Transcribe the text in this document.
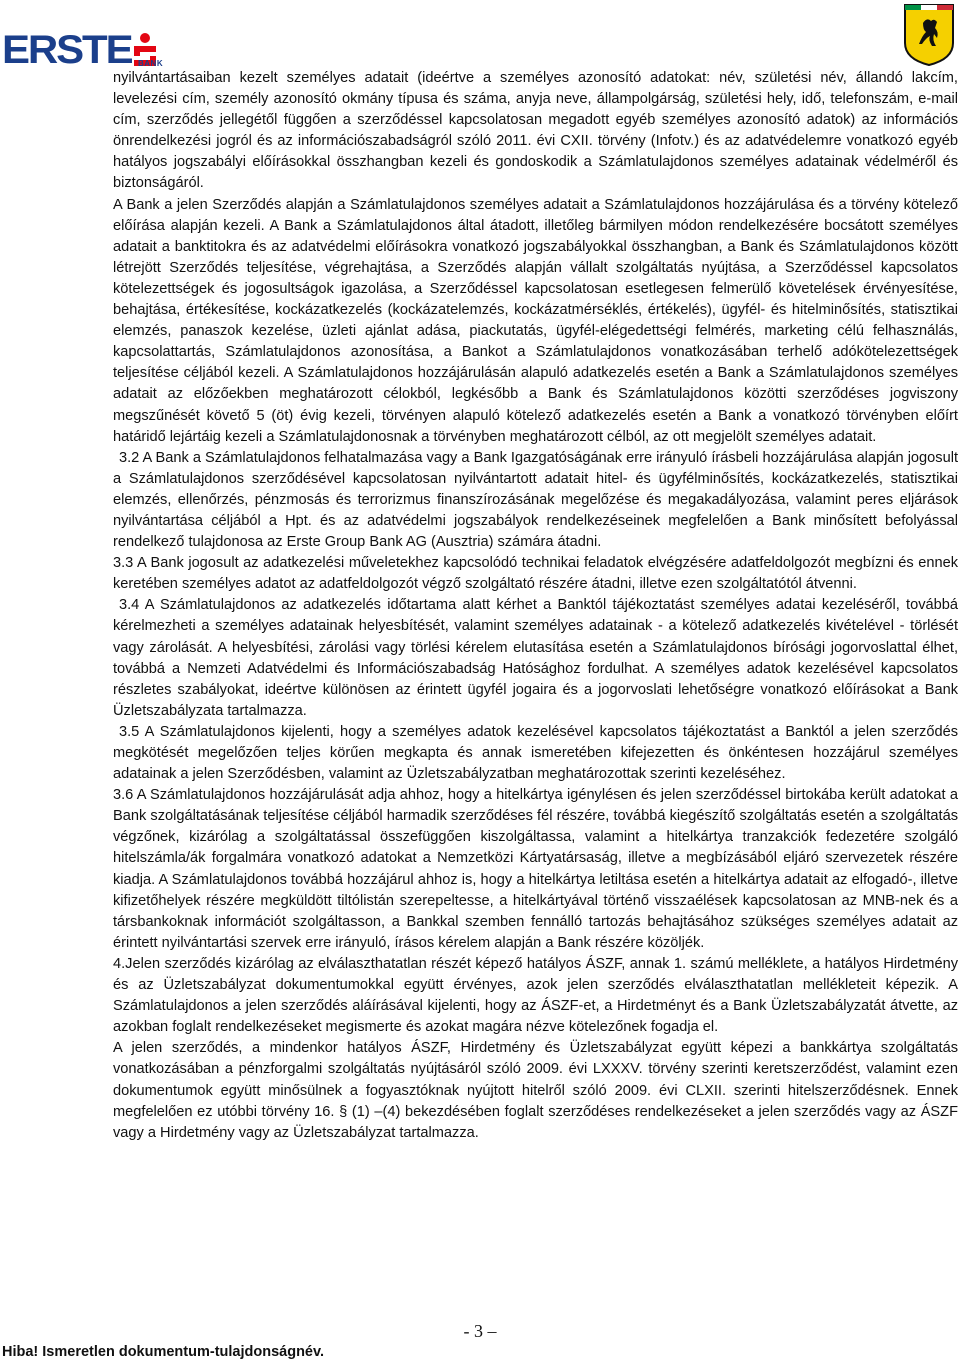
ERSTE BANK

nyilvántartásaiban kezelt személyes adatait (ideértve a személyes azonosító adatokat: név, születési név, állandó lakcím, levelezési cím, személy azonosító okmány típusa és száma, anyja neve, állampolgárság, születési hely, idő, telefonszám, e-mail cím, szerződés jellegétől függően a szerződéssel kapcsolatosan megadott egyéb személyes azonosító adatok) az információs önrendelkezési jogról és az információszabadságról szóló 2011. évi CXII. törvény (Infotv.) és az adatvédelemre vonatkozó egyéb hatályos jogszabályi előírásokkal összhangban kezeli és gondoskodik a Számlatulajdonos személyes adatainak védelméről és biztonságáról.

A Bank a jelen Szerződés alapján a Számlatulajdonos személyes adatait a Számlatulajdonos hozzájárulása és a törvény kötelező előírása alapján kezeli. A Bank a Számlatulajdonos által átadott, illetőleg bármilyen módon rendelkezésére bocsátott személyes adatait a banktitokra és az adatvédelmi előírásokra vonatkozó jogszabályokkal összhangban, a Bank és Számlatulajdonos között létrejött Szerződés teljesítése, végrehajtása, a Szerződés alapján vállalt szolgáltatás nyújtása, a Szerződéssel kapcsolatos kötelezettségek és jogosultságok igazolása, a Szerződéssel kapcsolatosan esetlegesen felmerülő követelések érvényesítése, behajtása, értékesítése, kockázatkezelés (kockázatelemzés, kockázatmérséklés, értékelés), ügyfél- és hitelminősítés, statisztikai elemzés, panaszok kezelése, üzleti ajánlat adása, piackutatás, ügyfél-elégedettségi felmérés, marketing célú felhasználás, kapcsolattartás, Számlatulajdonos azonosítása, a Bankot a Számlatulajdonos vonatkozásában terhelő adókötelezettségek teljesítése céljából kezeli. A Számlatulajdonos hozzájárulásán alapuló adatkezelés esetén a Bank a Számlatulajdonos személyes adatait az előzőekben meghatározott célokból, legkésőbb a Bank és Számlatulajdonos közötti szerződéses jogviszony megszűnését követő 5 (öt) évig kezeli, törvényen alapuló kötelező adatkezelés esetén a Bank a vonatkozó törvényben előírt határidő lejártáig kezeli a Számlatulajdonosnak a törvényben meghatározott célból, az ott megjelölt személyes adatait.

3.2 A Bank a Számlatulajdonos felhatalmazása vagy a Bank Igazgatóságának erre irányuló írásbeli hozzájárulása alapján jogosult a Számlatulajdonos szerződésével kapcsolatosan nyilvántartott adatait hitel- és ügyfélminősítés, kockázatkezelés, statisztikai elemzés, ellenőrzés, pénzmosás és terrorizmus finanszírozásának megelőzése és megakadályozása, valamint peres eljárások nyilvántartása céljából a Hpt. és az adatvédelmi jogszabályok rendelkezéseinek megfelelően a Bank minősített befolyással rendelkező tulajdonosa az Erste Group Bank AG (Ausztria) számára átadni.

3.3 A Bank jogosult az adatkezelési műveletekhez kapcsolódó technikai feladatok elvégzésére adatfeldolgozót megbízni és ennek keretében személyes adatot az adatfeldolgozót végző szolgáltató részére átadni, illetve ezen szolgáltatótól átvenni.

3.4 A Számlatulajdonos az adatkezelés időtartama alatt kérhet a Banktól tájékoztatást személyes adatai kezeléséről, továbbá kérelmezheti a személyes adatainak helyesbítését, valamint személyes adatainak - a kötelező adatkezelés kivételével - törlését vagy zárolását. A helyesbítési, zárolási vagy törlési kérelem elutasítása esetén a Számlatulajdonos bírósági jogorvoslattal élhet, továbbá a Nemzeti Adatvédelmi és Információszabadság Hatósághoz fordulhat. A személyes adatok kezelésével kapcsolatos részletes szabályokat, ideértve különösen az érintett ügyfél jogaira és a jogorvoslati lehetőségre vonatkozó előírásokat a Bank Üzletszabályzata tartalmazza.

3.5 A Számlatulajdonos kijelenti, hogy a személyes adatok kezelésével kapcsolatos tájékoztatást a Banktól a jelen szerződés megkötését megelőzően teljes körűen megkapta és annak ismeretében kifejezetten és önkéntesen hozzájárul személyes adatainak a jelen Szerződésben, valamint az Üzletszabályzatban meghatározottak szerinti kezeléséhez.

3.6 A Számlatulajdonos hozzájárulását adja ahhoz, hogy a hitelkártya igénylésen és jelen szerződéssel birtokába került adatokat a Bank szolgáltatásának teljesítése céljából harmadik szerződéses fél részére, továbbá kiegészítő szolgáltatás esetén a szolgáltatás végzőnek, kizárólag a szolgáltatással összefüggően kiszolgáltassa, valamint a hitelkártya tranzakciók fedezetére szolgáló hitelszámla/ák forgalmára vonatkozó adatokat a Nemzetközi Kártyatársaság, illetve a megbízásából eljáró szervezetek részére kiadja. A Számlatulajdonos továbbá hozzájárul ahhoz is, hogy a hitelkártya letiltása esetén a hitelkártya adatait az elfogadó-, illetve kifizetőhelyek részére megküldött tiltólistán szerepeltesse, a hitelkártyával történő visszaélések kapcsolatosan az MNB-nek és a társbankoknak információt szolgáltasson, a Bankkal szemben fennálló tartozás behajtásához szükséges személyes adatait az érintett nyilvántartási szervek erre irányuló, írásos kérelem alapján a Bank részére közöljék.

4.Jelen szerződés kizárólag az elválaszthatatlan részét képező hatályos ÁSZF, annak 1. számú melléklete, a hatályos Hirdetmény és az Üzletszabályzat dokumentumokkal együtt érvényes, azok jelen szerződés elválaszthatatlan mellékleteit képezik. A Számlatulajdonos a jelen szerződés aláírásával kijelenti, hogy az ÁSZF-et, a Hirdetményt és a Bank Üzletszabályzatát átvette, az azokban foglalt rendelkezéseket megismerte és azokat magára nézve kötelezőnek fogadja el.

A jelen szerződés, a mindenkor hatályos ÁSZF, Hirdetmény és Üzletszabályzat együtt képezi a bankkártya szolgáltatás vonatkozásában a pénzforgalmi szolgáltatás nyújtásáról szóló 2009. évi LXXXV. törvény szerinti keretszerződést, valamint ezen dokumentumok együtt minősülnek a fogyasztóknak nyújtott hitelről szóló 2009. évi CLXII. szerinti hitelszerződésnek. Ennek megfelelően ez utóbbi törvény 16. § (1) –(4) bekezdésében foglalt szerződéses rendelkezéseket a jelen szerződés vagy az ÁSZF vagy a Hirdetmény vagy az Üzletszabályzat tartalmazza.

- 3 –
Hiba! Ismeretlen dokumentum-tulajdonságnév.
